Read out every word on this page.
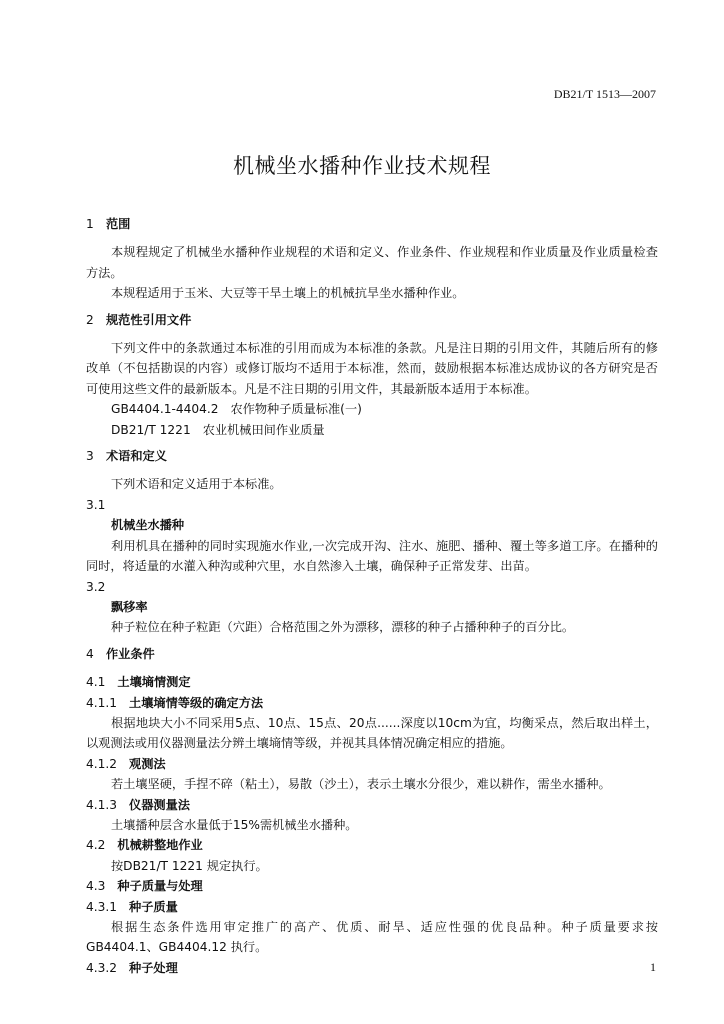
DB21/T 1513—2007
机械坐水播种作业技术规程

1 范围

本规程规定了机械坐水播种作业规程的术语和定义、作业条件、作业规程和作业质量及作业质量检查方法。

本规程适用于玉米、大豆等干旱土壤上的机械抗旱坐水播种作业。

2 规范性引用文件

下列文件中的条款通过本标准的引用而成为本标准的条款。凡是注日期的引用文件，其随后所有的修改单（不包括勘误的内容）或修订版均不适用于本标准，然而，鼓励根据本标准达成协议的各方研究是否可使用这些文件的最新版本。凡是不注日期的引用文件，其最新版本适用于本标准。

GB4404.1-4404.2 农作物种子质量标准(一)

DB21/T 1221 农业机械田间作业质量

3 术语和定义

下列术语和定义适用于本标准。

3.1

机械坐水播种

利用机具在播种的同时实现施水作业,一次完成开沟、注水、施肥、播种、覆土等多道工序。在播种的同时，将适量的水灌入种沟或种穴里，水自然渗入土壤，确保种子正常发芽、出苗。

3.2

飘移率

种子粒位在种子粒距（穴距）合格范围之外为漂移，漂移的种子占播种种子的百分比。

4 作业条件

4.1 土壤墒情测定

4.1.1 土壤墒情等级的确定方法

根据地块大小不同采用5点、10点、15点、20点......深度以10cm为宜，均衡采点，然后取出样土，以观测法或用仪器测量法分辨土壤墒情等级，并视其具体情况确定相应的措施。

4.1.2 观测法

若土壤坚硬，手捏不碎（粘土），易散（沙土），表示土壤水分很少，难以耕作，需坐水播种。

4.1.3 仪器测量法

土壤播种层含水量低于15%需机械坐水播种。

4.2 机械耕整地作业

按DB21/T 1221 规定执行。

4.3 种子质量与处理

4.3.1 种子质量

根据生态条件选用审定推广的高产、优质、耐旱、适应性强的优良品种。种子质量要求按GB4404.1、GB4404.12 执行。

4.3.2 种子处理	1
